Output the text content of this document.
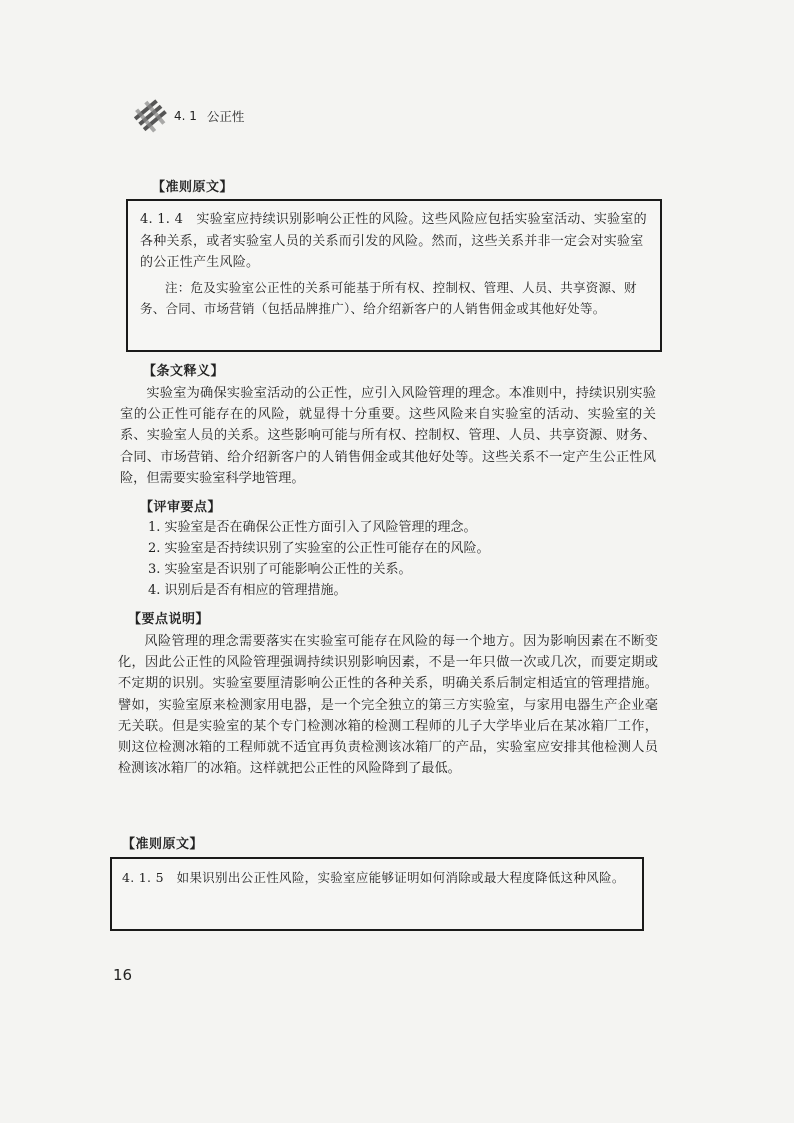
4. 1 公正性
【准则原文】

4. 1. 4　实验室应持续识别影响公正性的风险。这些风险应包括实验室活动、实验室的各种关系，或者实验室人员的关系而引发的风险。然而，这些关系并非一定会对实验室的公正性产生风险。

注：危及实验室公正性的关系可能基于所有权、控制权、管理、人员、共享资源、财务、合同、市场营销（包括品牌推广）、给介绍新客户的人销售佣金或其他好处等。

【条文释义】

实验室为确保实验室活动的公正性，应引入风险管理的理念。本准则中，持续识别实验室的公正性可能存在的风险，就显得十分重要。这些风险来自实验室的活动、实验室的关系、实验室人员的关系。这些影响可能与所有权、控制权、管理、人员、共享资源、财务、合同、市场营销、给介绍新客户的人销售佣金或其他好处等。这些关系不一定产生公正性风险，但需要实验室科学地管理。

【评审要点】
1. 实验室是否在确保公正性方面引入了风险管理的理念。
2. 实验室是否持续识别了实验室的公正性可能存在的风险。
3. 实验室是否识别了可能影响公正性的关系。
4. 识别后是否有相应的管理措施。
【要点说明】

风险管理的理念需要落实在实验室可能存在风险的每一个地方。因为影响因素在不断变化，因此公正性的风险管理强调持续识别影响因素，不是一年只做一次或几次，而要定期或不定期的识别。实验室要厘清影响公正性的各种关系，明确关系后制定相适宜的管理措施。譬如，实验室原来检测家用电器，是一个完全独立的第三方实验室，与家用电器生产企业毫无关联。但是实验室的某个专门检测冰箱的检测工程师的儿子大学毕业后在某冰箱厂工作，则这位检测冰箱的工程师就不适宜再负责检测该冰箱厂的产品，实验室应安排其他检测人员检测该冰箱厂的冰箱。这样就把公正性的风险降到了最低。

【准则原文】

4. 1. 5　如果识别出公正性风险，实验室应能够证明如何消除或最大程度降低这种风险。

16
